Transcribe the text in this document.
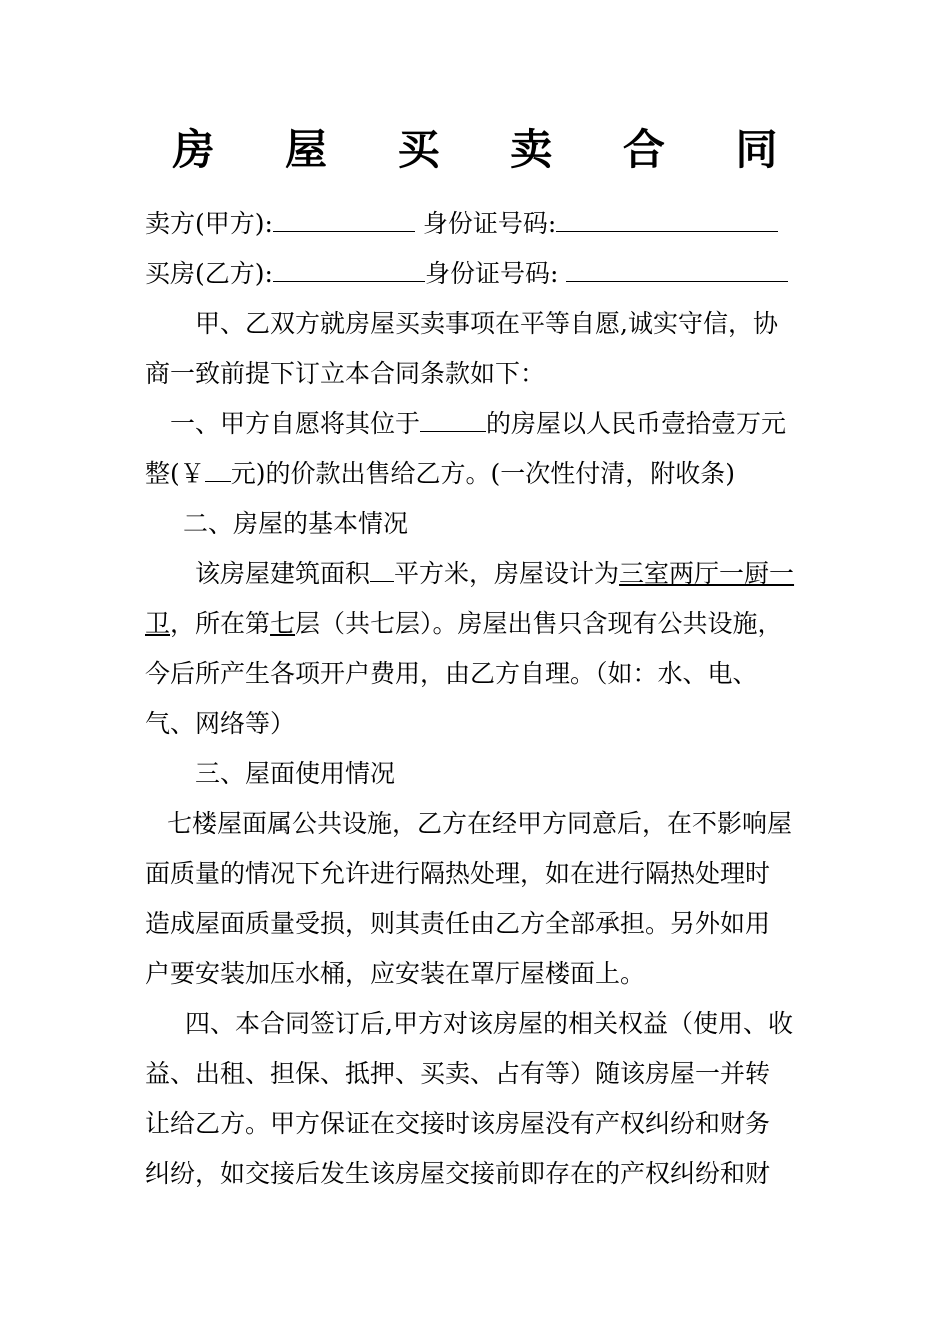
房 屋 买 卖 合 同
卖方(甲方):	身份证号码:
买房(乙方):	身份证号码:
甲、乙双方就房屋买卖事项在平等自愿,诚实守信，协
商一致前提下订立本合同条款如下：
一、甲方自愿将其位于	的房屋以人民币壹拾壹万元
整(￥ 元)的价款出售给乙方。(一次性付清，附收条)
二、房屋的基本情况
该房屋建筑面积 平方米，房屋设计为三室两厅一厨一
卫，所在第七层（共七层）。房屋出售只含现有公共设施，
今后所产生各项开户费用，由乙方自理。（如：水、电、
气、网络等）
三、屋面使用情况
七楼屋面属公共设施，乙方在经甲方同意后，在不影响屋
面质量的情况下允许进行隔热处理，如在进行隔热处理时
造成屋面质量受损，则其责任由乙方全部承担。另外如用
户要安装加压水桶，应安装在罩厅屋楼面上。
四、本合同签订后,甲方对该房屋的相关权益（使用、收
益、出租、担保、抵押、买卖、占有等）随该房屋一并转
让给乙方。甲方保证在交接时该房屋没有产权纠纷和财务
纠纷，如交接后发生该房屋交接前即存在的产权纠纷和财
